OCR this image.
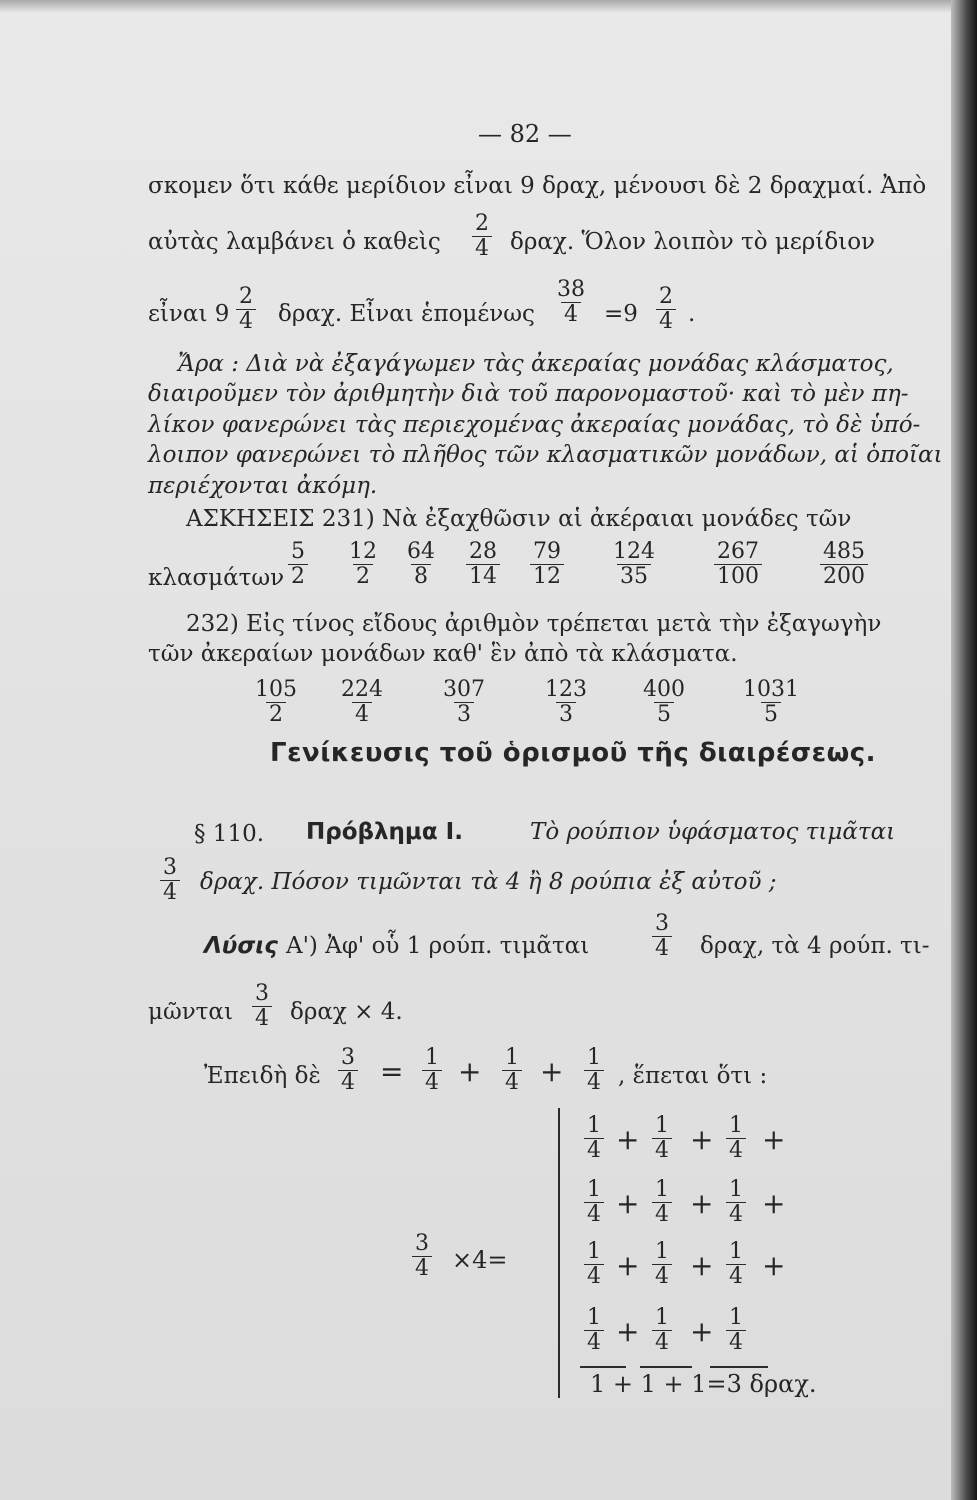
— 82 —
σκομεν ὅτι κάθε μερίδιον εἶναι 9 δραχ, μένουσι δὲ 2 δραχμαί. Ἀπὸ
αὐτὰς λαμβάνει ὁ καθεὶς $\frac{2}{4} \delta\rho\alpha\chi$. Ὅλον λοιπὸν τὸ μερίδιον
εἶναι $9 \frac{2}{4} \delta\rho\alpha\chi$. Εἶναι ἑπομένως $\frac{38}{4} =9 \frac{2}{4}$ .
Ἄρα : Διὰ νὰ ἐξαγάγωμεν τὰς ἀκεραίας μονάδας κλάσματος,
διαιροῦμεν τὸν ἀριθμητὴν διὰ τοῦ παρονομαστοῦ· καὶ τὸ μὲν πη-
λίκον φανερώνει τὰς περιεχομένας ἀκεραίας μονάδας, τὸ δὲ ὑπό-
λοιπον φανερώνει τὸ πλῆθος τῶν κλασματικῶν μονάδων, αἱ ὁποῖαι
περιέχονται ἀκόμη.
ΑΣΚΗΣΕΙΣ 231) Νὰ ἐξαχθῶσιν αἱ ἀκέραιαι μονάδες τῶν
κλασμάτων $\frac{5}{2} \frac{12}{2} \frac{64}{8} \frac{28}{14} \frac{79}{12} \frac{124}{35}$	$\frac{267}{100}$	$\frac{485}{200}$
232) Εἰς τίνος εἴδους ἀριθμὸν τρέπεται μετὰ τὴν ἐξαγωγὴν
τῶν ἀκεραίων μονάδων καθ' ἓν ἀπὸ τὰ κλάσματα.
$\frac{105}{2} \frac{224}{4} \frac{307}{3} \frac{123}{3} \frac{400}{5} \frac{1031}{5}$
Γενίκευσις τοῦ ὁρισμοῦ τῆς διαιρέσεως.
§ 110. Πρόβλημα I.	Τὸ ρούπιον ὑφάσματος τιμᾶται
$\frac{3}{4} \delta\rho\alpha\chi$. Πόσον τιμῶνται τὰ 4 ἢ 8 ρούπια ἐξ αὐτοῦ ;
Λύσις Α') Ἀφ' οὗ 1 ρούπ. τιμᾶται	$\frac{3}{4} \delta\rho\alpha\chi$, τὰ 4 ρούπ. τι-
μῶνται $\frac{3}{4}$ δραχ × 4.
Ἐπειδὴ δὲ $\frac{3}{4} = \frac{1}{4} + \frac{1}{4} + \frac{1}{4}$ , ἕπεται ὅτι :
$\frac{3}{4} \times 4=$
$\frac{1}{4} \frac{1}{4} \frac{1}{4}$
+ + +
$\frac{1}{4} \frac{1}{4} \frac{1}{4}$
+ + +
$\frac{1}{4} \frac{1}{4} \frac{1}{4}$
+ + +
$\frac{1}{4} \frac{1}{4} \frac{1}{4}$
+ +
1 + 1 + 1=3 δραχ.
